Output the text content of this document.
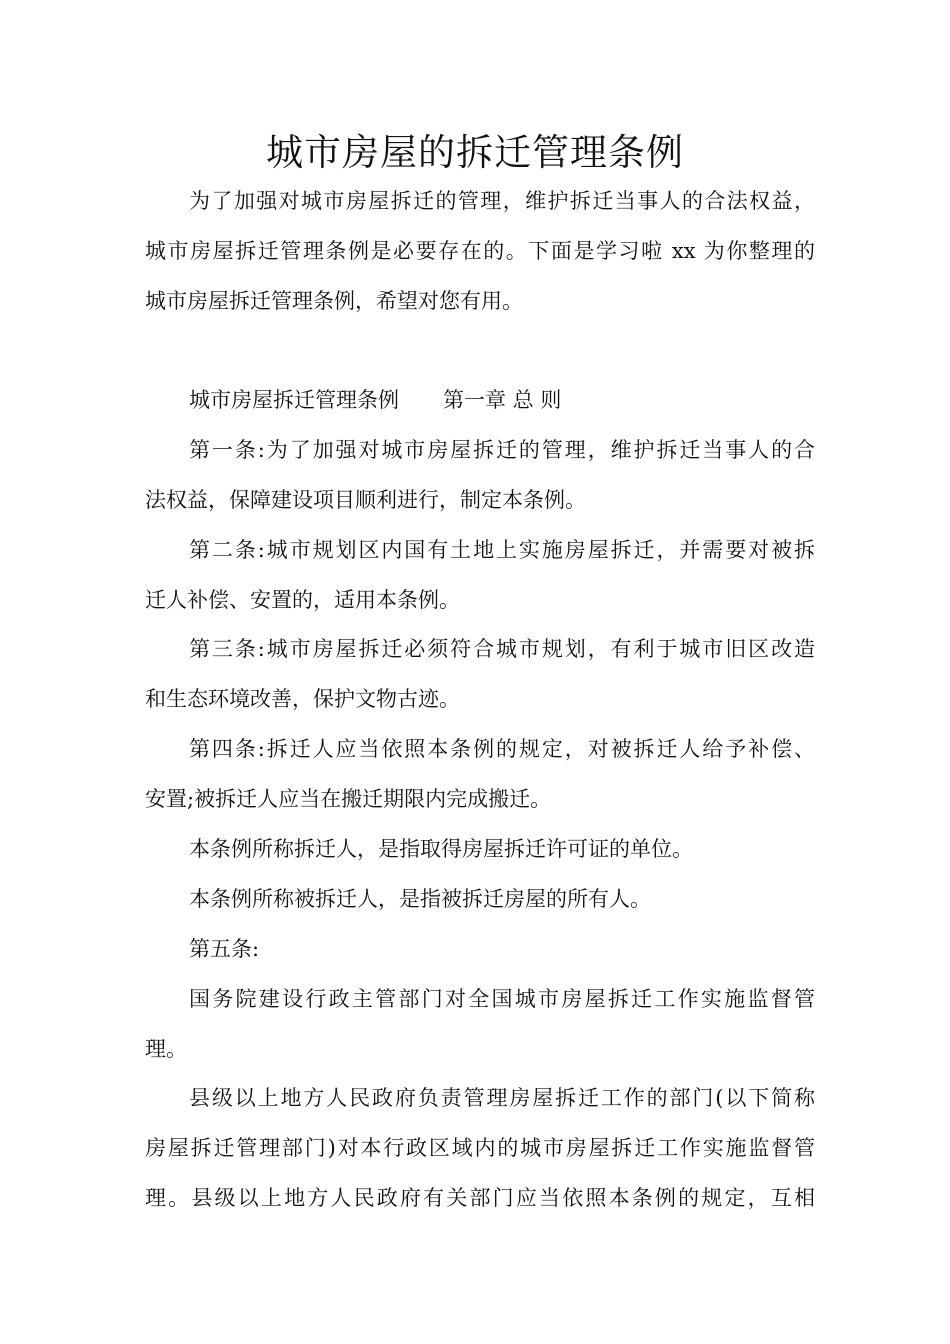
城市房屋的拆迁管理条例

为了加强对城市房屋拆迁的管理，维护拆迁当事人的合法权益，

城市房屋拆迁管理条例是必要存在的。下面是学习啦 xx 为你整理的

城市房屋拆迁管理条例，希望对您有用。

城市房屋拆迁管理条例 第一章 总 则

第一条:为了加强对城市房屋拆迁的管理，维护拆迁当事人的合

法权益，保障建设项目顺利进行，制定本条例。

第二条:城市规划区内国有土地上实施房屋拆迁，并需要对被拆

迁人补偿、安置的，适用本条例。

第三条:城市房屋拆迁必须符合城市规划，有利于城市旧区改造

和生态环境改善，保护文物古迹。

第四条:拆迁人应当依照本条例的规定，对被拆迁人给予补偿、

安置;被拆迁人应当在搬迁期限内完成搬迁。

本条例所称拆迁人，是指取得房屋拆迁许可证的单位。

本条例所称被拆迁人，是指被拆迁房屋的所有人。

第五条:

国务院建设行政主管部门对全国城市房屋拆迁工作实施监督管

理。

县级以上地方人民政府负责管理房屋拆迁工作的部门(以下简称

房屋拆迁管理部门)对本行政区域内的城市房屋拆迁工作实施监督管

理。县级以上地方人民政府有关部门应当依照本条例的规定，互相
